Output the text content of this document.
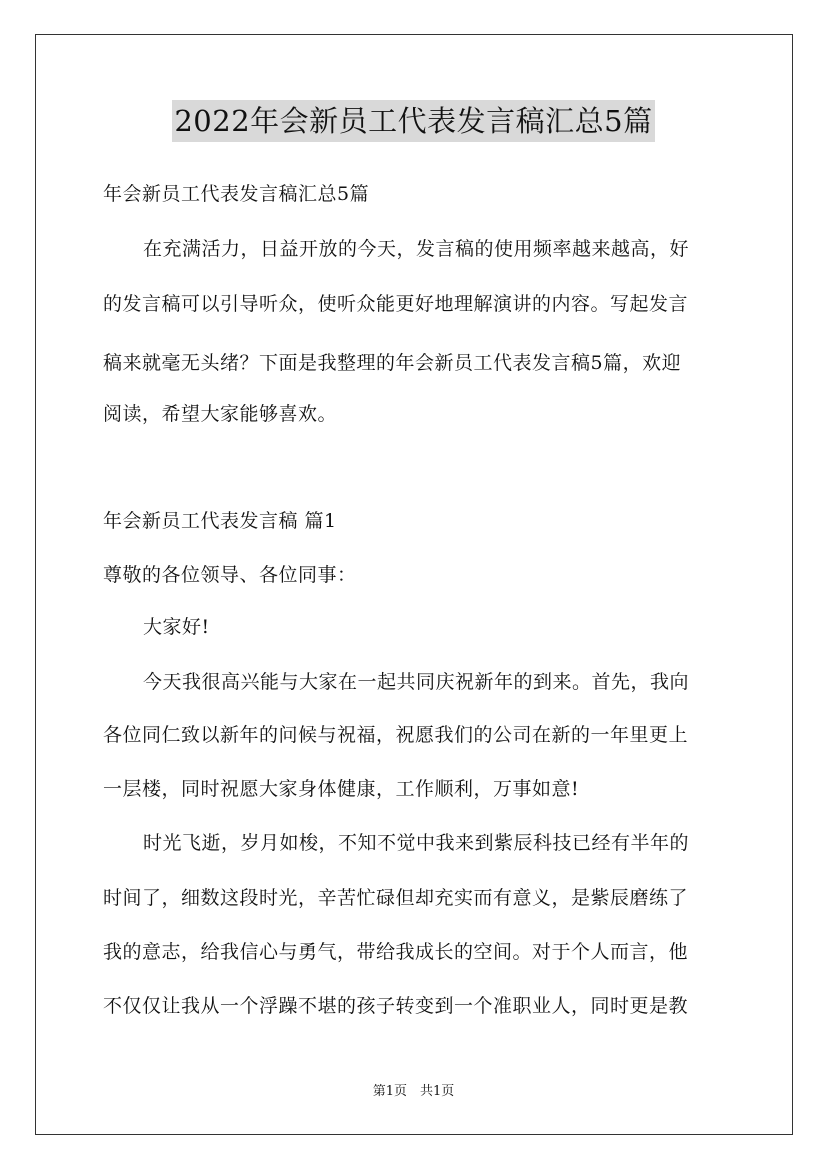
2022年会新员工代表发言稿汇总5篇
年会新员工代表发言稿汇总5篇
在充满活力，日益开放的今天，发言稿的使用频率越来越高，好
的发言稿可以引导听众，使听众能更好地理解演讲的内容。写起发言
稿来就毫无头绪？下面是我整理的年会新员工代表发言稿5篇，欢迎
阅读，希望大家能够喜欢。
年会新员工代表发言稿 篇1
尊敬的各位领导、各位同事：
大家好!
今天我很高兴能与大家在一起共同庆祝新年的到来。首先，我向
各位同仁致以新年的问候与祝福，祝愿我们的公司在新的一年里更上
一层楼，同时祝愿大家身体健康，工作顺利，万事如意!
时光飞逝，岁月如梭，不知不觉中我来到紫辰科技已经有半年的
时间了，细数这段时光，辛苦忙碌但却充实而有意义，是紫辰磨练了
我的意志，给我信心与勇气，带给我成长的空间。对于个人而言，他
不仅仅让我从一个浮躁不堪的孩子转变到一个准职业人，同时更是教
第1页　共1页
